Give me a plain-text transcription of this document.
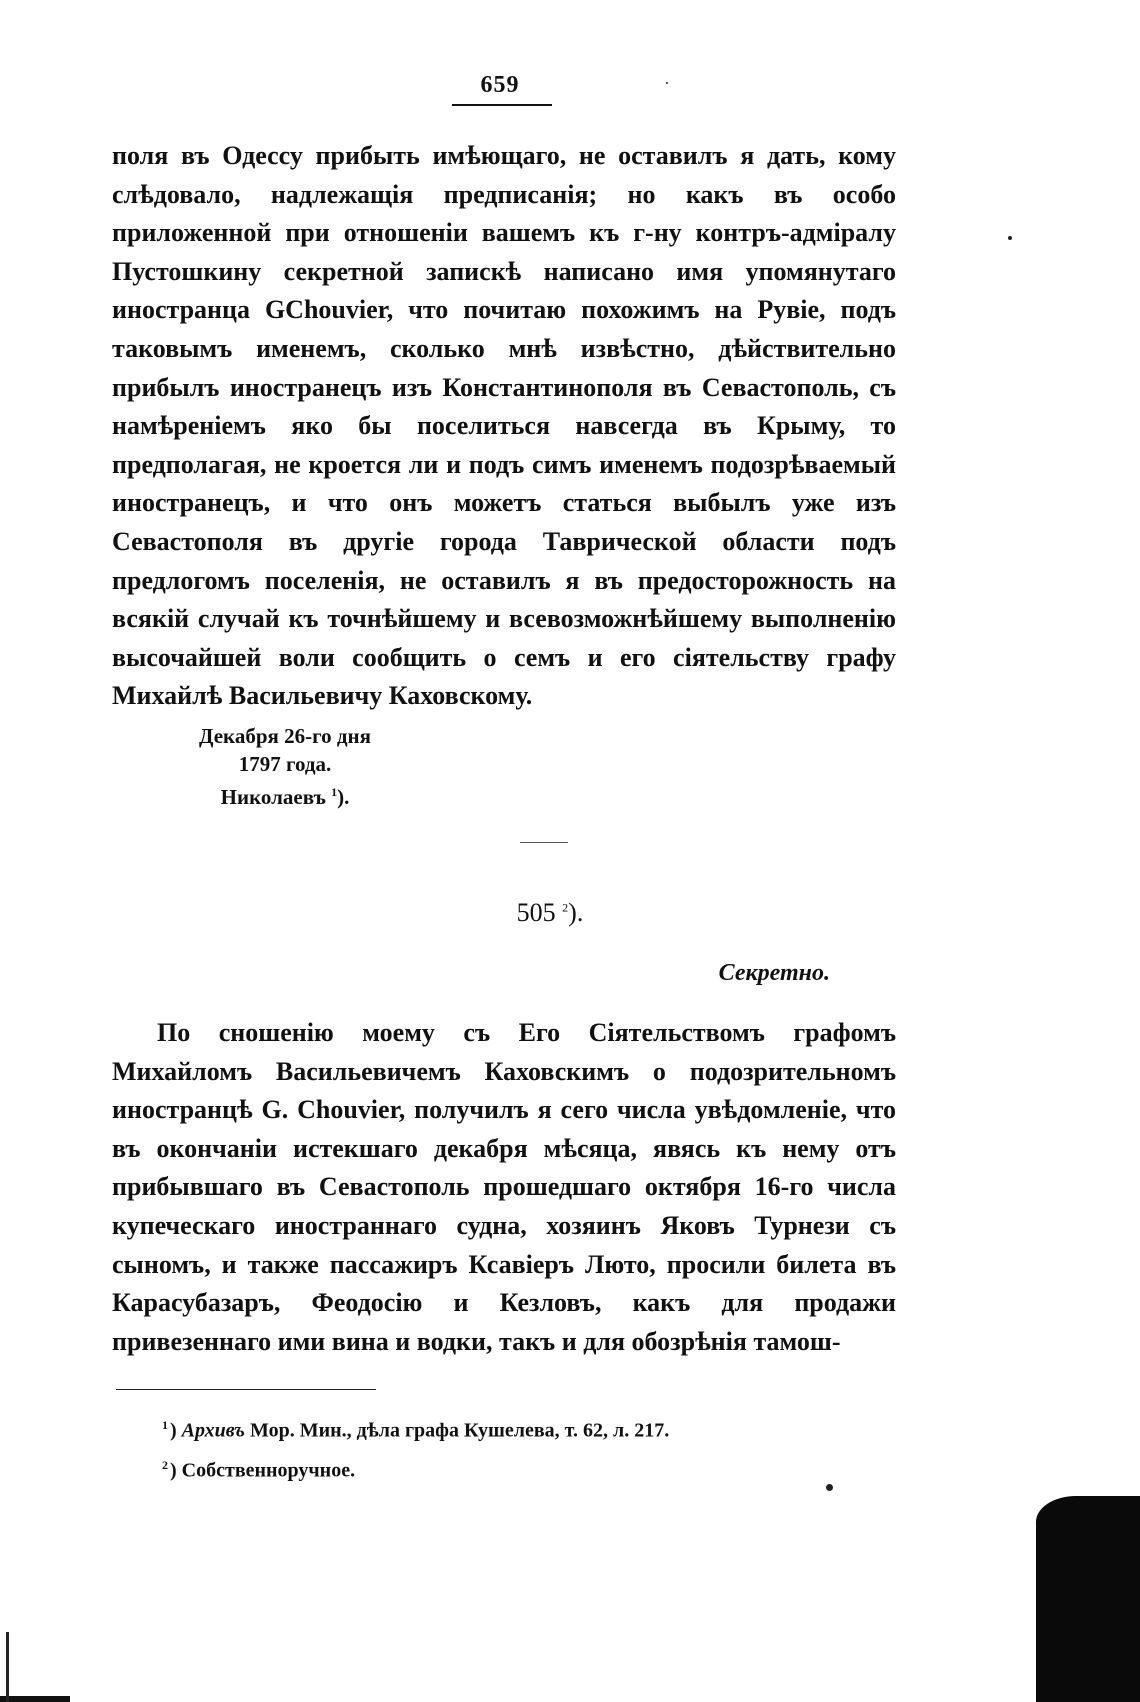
659

поля въ Одессу прибыть имѣющаго, не оставилъ я дать, кому слѣдовало, надлежащія предписанія; но какъ въ особо приложенной при отношеніи вашемъ къ г-ну контръ-адміралу Пустошкину секретной запискѣ написано имя упомянутаго иностранца GChouvier, что почитаю похожимъ на Рувіе, подъ таковымъ именемъ, сколько мнѣ извѣстно, дѣйствительно прибылъ иностранецъ изъ Константинополя въ Севастополь, съ намѣреніемъ яко бы поселиться навсегда въ Крыму, то предполагая, не кроется ли и подъ симъ именемъ подозрѣваемый иностранецъ, и что онъ можетъ статься выбылъ уже изъ Севастополя въ другіе города Таврической области подъ предлогомъ поселенія, не оставилъ я въ предосторожность на всякій случай къ точнѣйшему и всевозможнѣйшему выполненію высочайшей воли сообщить о семъ и его сіятельству графу Михайлѣ Васильевичу Каховскому.

Декабря 26-го дня
1797 года.
Николаевъ $^1$).
505 $^2$).
Секретно.

По сношенію моему съ Его Сіятельствомъ графомъ Михайломъ Васильевичемъ Каховскимъ о подозрительномъ иностранцѣ G. Chouvier, получилъ я сего числа увѣдомленіе, что въ окончаніи истекшаго декабря мѣсяца, явясь къ нему отъ прибывшаго въ Севастополь прошедшаго октября 16-го числа купеческаго иностраннаго судна, хозяинъ Яковъ Турнези съ сыномъ, и также пассажиръ Ксавіеръ Люто, просили билета въ Карасубазаръ, Феодосію и Кезловъ, какъ для продажи привезеннаго ими вина и водки, такъ и для обозрѣнія тамош-

$^1$ ) Архивъ Мор. Мин., дѣла графа Кушелева, т. 62, л. 217.
$^2$ ) Собственноручное.
